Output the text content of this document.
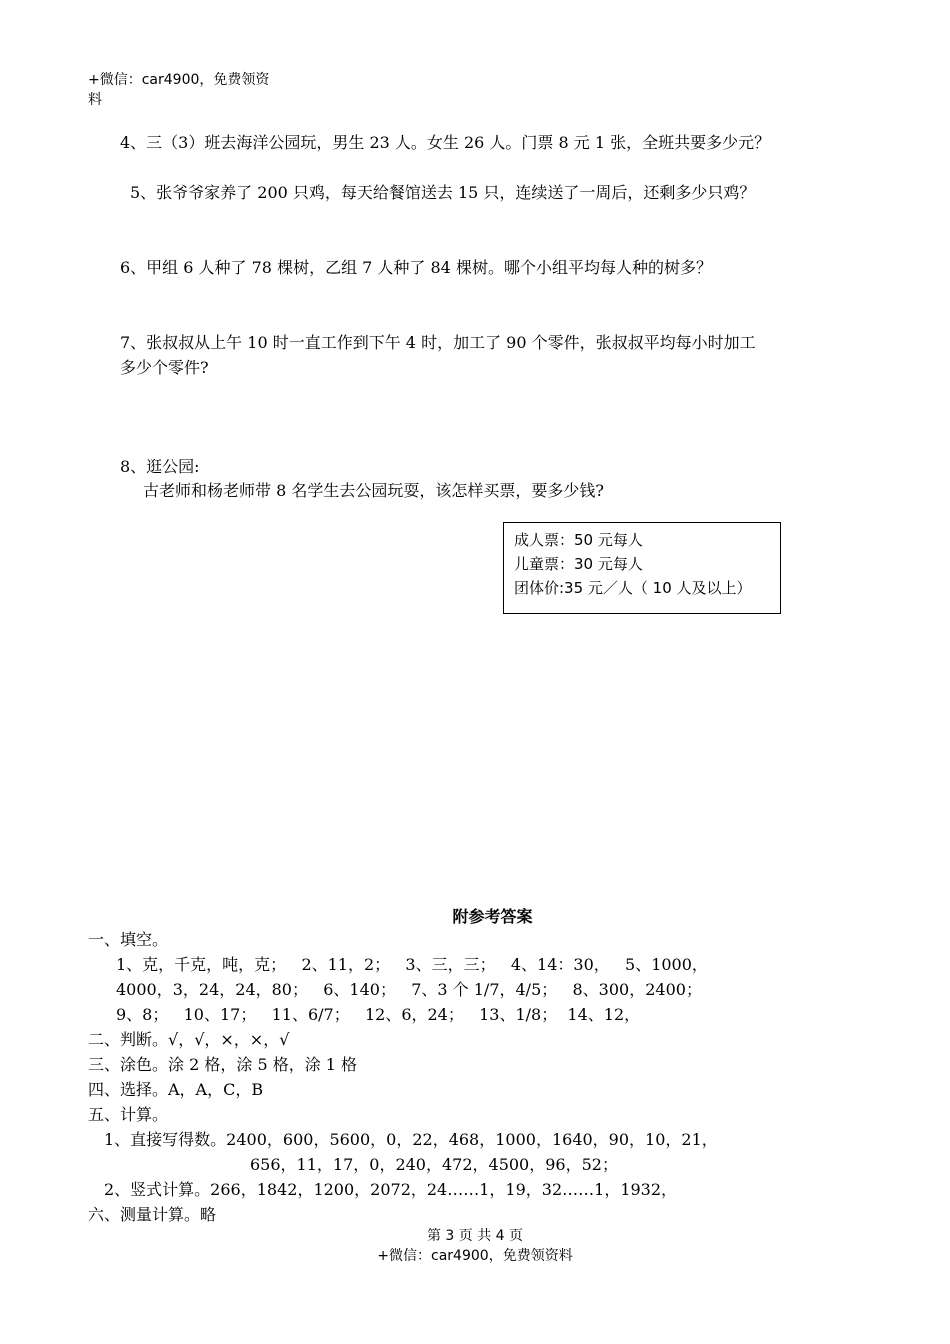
+微信：car4900，免费领资
料
4、三（3）班去海洋公园玩，男生 23 人。女生 26 人。门票 8 元 1 张，全班共要多少元？
5、张爷爷家养了 200 只鸡，每天给餐馆送去 15 只，连续送了一周后，还剩多少只鸡？
6、甲组 6 人种了 78 棵树，乙组 7 人种了 84 棵树。哪个小组平均每人种的树多？
7、张叔叔从上午 10 时一直工作到下午 4 时，加工了 90 个零件，张叔叔平均每小时加工
多少个零件?
8、逛公园:
古老师和杨老师带 8 名学生去公园玩耍，该怎样买票，要多少钱?
成人票：50 元每人
儿童票：30 元每人
团体价:35 元／人（ 10 人及以上）
附参考答案
一、填空。
1、克，千克，吨，克；   2、11，2；   3、三，三；   4、14：30，   5、1000，
4000，3，24，24，80；   6、140；   7、3 个 1/7，4/5；   8、300，2400；
9、8；   10、17；   11、6/7；   12、6，24；   13、1/8；  14、12，
二、判断。√，√，×，×，√
三、涂色。涂 2 格，涂 5 格，涂 1 格
四、选择。A，A，C，B
五、计算。
1、直接写得数。2400，600，5600，0，22，468，1000，1640，90，10，21，
656，11，17，0，240，472，4500，96，52；
2、竖式计算。266，1842，1200，2072，24……1，19，32……1，1932，
六、测量计算。略
第 3 页 共 4 页
+微信：car4900，免费领资料
